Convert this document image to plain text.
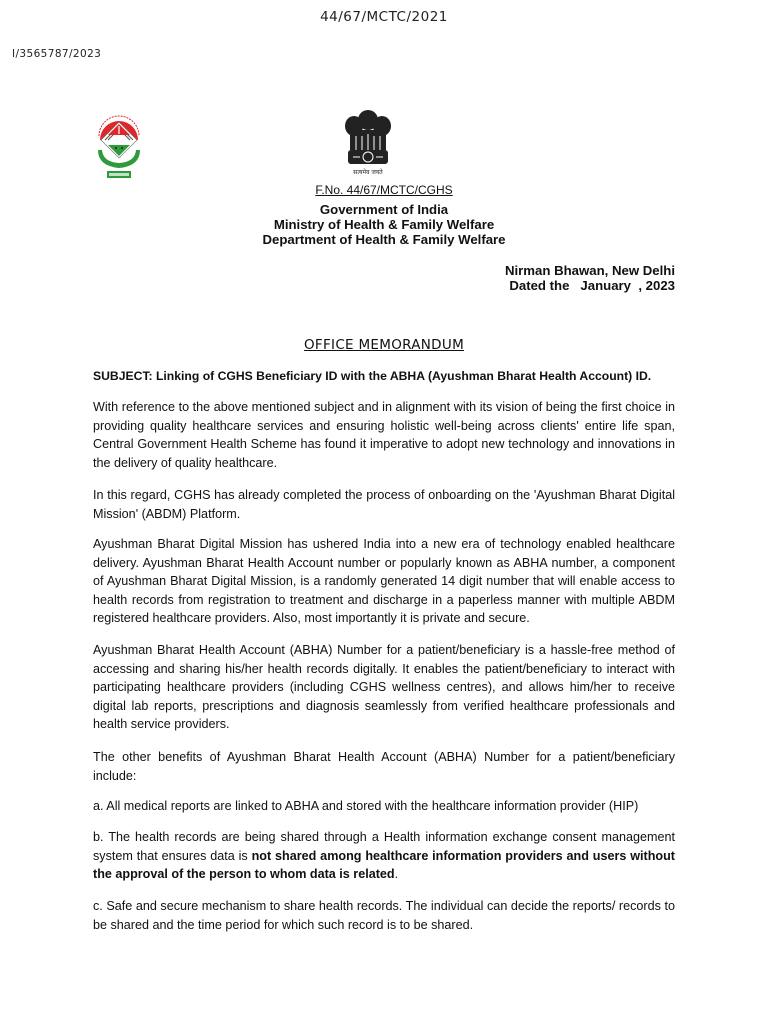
44/67/MCTC/2021
I/3565787/2023
सत्यमेव जयते
F.No. 44/67/MCTC/CGHS
Government of India
Ministry of Health & Family Welfare
Department of Health & Family Welfare
Nirman Bhawan, New Delhi
Dated the   January  , 2023
OFFICE MEMORANDUM
SUBJECT: Linking of CGHS Beneficiary ID with the ABHA (Ayushman Bharat Health Account) ID.
With reference to the above mentioned subject and in alignment with its vision of being the first choice in providing quality healthcare services and ensuring holistic well-being across clients' entire life span, Central Government Health Scheme has found it imperative to adopt new technology and innovations in the delivery of quality healthcare.
In this regard, CGHS has already completed the process of onboarding on the 'Ayushman Bharat Digital Mission' (ABDM) Platform.
Ayushman Bharat Digital Mission has ushered India into a new era of technology enabled healthcare delivery. Ayushman Bharat Health Account number or popularly known as ABHA number, a component of Ayushman Bharat Digital Mission, is a randomly generated 14 digit number that will enable access to health records from registration to treatment and discharge in a paperless manner with multiple ABDM registered healthcare providers. Also, most importantly it is private and secure.
Ayushman Bharat Health Account (ABHA) Number for a patient/beneficiary is a hassle-free method of accessing and sharing his/her health records digitally. It enables the patient/beneficiary to interact with participating healthcare providers (including CGHS wellness centres), and allows him/her to receive digital lab reports, prescriptions and diagnosis seamlessly from verified healthcare professionals and health service providers.
The other benefits of Ayushman Bharat Health Account (ABHA) Number for a patient/beneficiary include:
a. All medical reports are linked to ABHA and stored with the healthcare information provider (HIP)
b. The health records are being shared through a Health information exchange consent management system that ensures data is not shared among healthcare information providers and users without the approval of the person to whom data is related.
c. Safe and secure mechanism to share health records. The individual can decide the reports/ records to be shared and the time period for which such record is to be shared.
